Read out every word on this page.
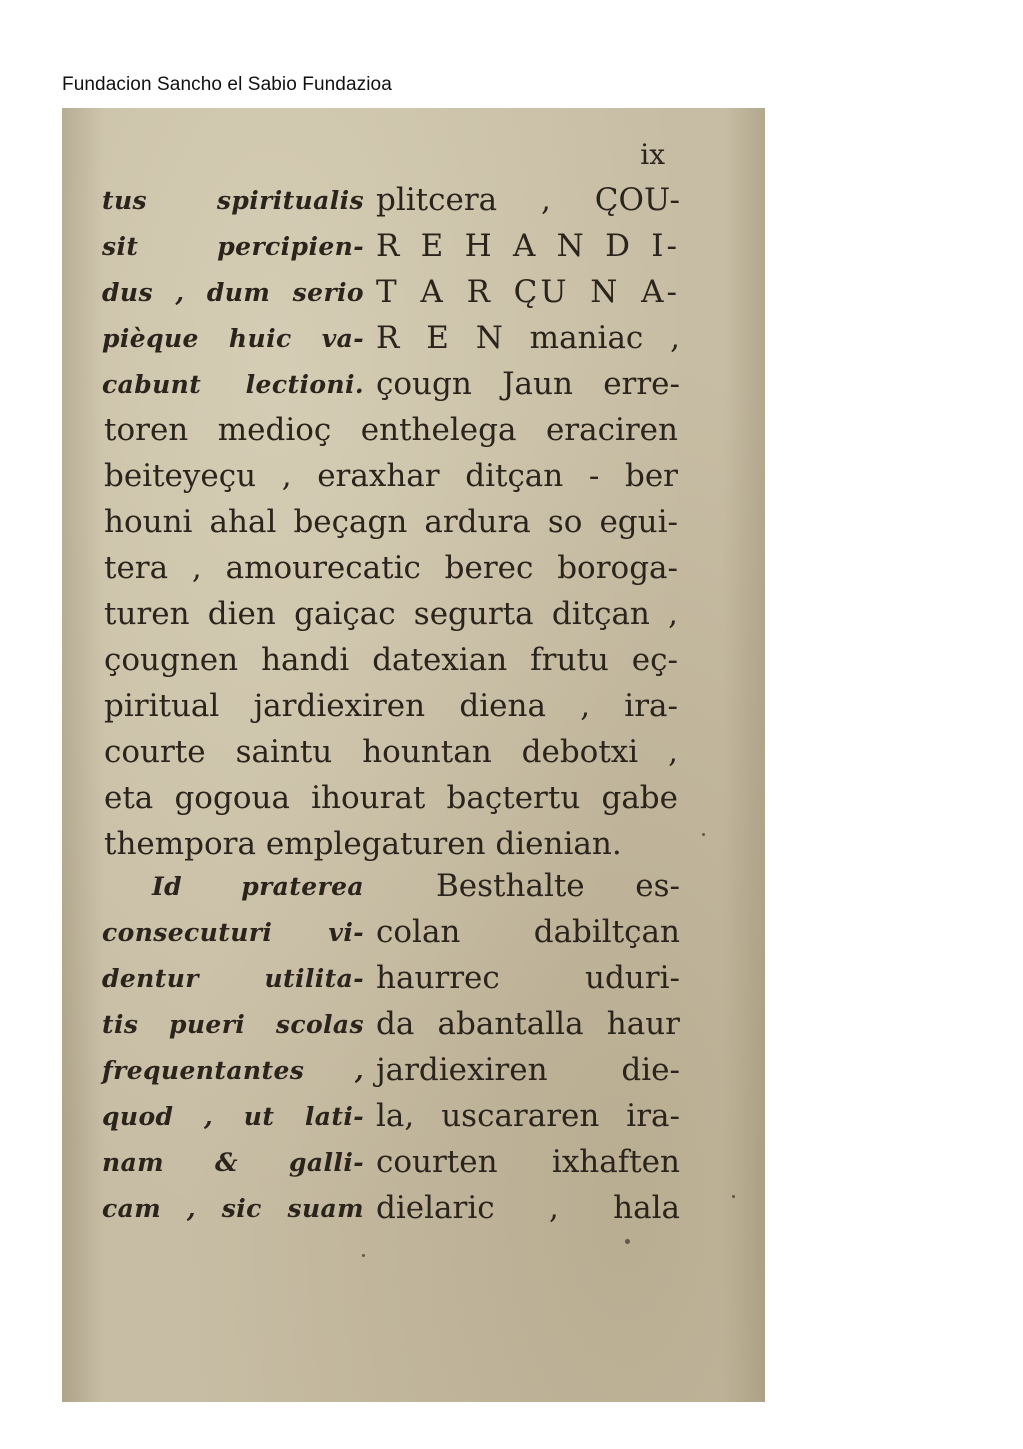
Fundacion Sancho el Sabio Fundazioa
ix
tus spiritualis
sit percipien-
dus , dum serio
pièque huic va-
cabunt lectioni.
plitcera , C̨OU-
R E H A N D I-
T A R C̨U N A-
R E N maniac ,
çougn Jaun erre-
toren medioç enthelega eraciren
beiteyeçu , eraxhar ditçan - ber
houni ahal beçagn ardura so egui-
tera , amourecatic berec boroga-
turen dien gaiçac segurta ditçan ,
çougnen handi datexian frutu eç-
piritual jardiexiren diena , ira-
courte saintu hountan debotxi ,
eta gogoua ihourat baçtertu gabe
thempora emplegaturen dienian.
Id praterea
consecuturi vi-
dentur utilita-
tis pueri scolas
frequentantes ,
quod , ut lati-
nam & galli-
cam , sic suam
Besthalte es-
colan dabiltçan
haurrec uduri-
da abantalla haur
jardiexiren die-
la, uscararen ira-
courten ixhaften
dielaric , hala
